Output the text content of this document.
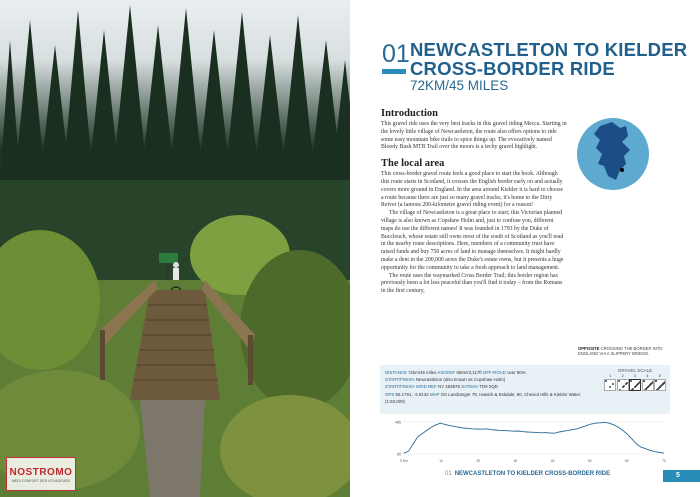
NOSTROMO
MEDI CONFORT DES VOYAGEURS
01 NEWCASTLETON TO KIELDER CROSS-BORDER RIDE
72KM/45 MILES
Introduction

This gravel ride uses the very best tracks in this gravel riding Mecca. Starting in the lovely little village of Newcastleton, the route also offers options to ride some easy mountain bike trails to spice things up. The evocatively named Bloody Bush MTB Trail over the moors is a techy gravel highlight.

The local area

This cross-border gravel route feels a good place to start the book. Although this route starts in Scotland, it crosses the English border early on and actually covers more ground in England. In the area around Kielder it is hard to choose a route because there are just so many gravel tracks; it's home to the Dirty Reiver (a famous 200-kilometre gravel riding event) for a reason!

The village of Newcastleton is a great place to start; this Victorian planned village is also known as Copshaw Holm and, just to confuse you, different maps do use the different names! It was founded in 1793 by the Duke of Buccleuch, whose estate still owns most of the south of Scotland as you'll read in the nearby route descriptions. Here, members of a community trust have raised funds and buy 750 acres of land to manage themselves. It might hardly make a dent in the 200,000 acres the Duke's estate owns, but it presents a huge opportunity for the community to take a fresh approach to land management.

The route uses the waymarked Cross Border Trail; this border region has previously been a lot less peaceful than you'll find it today – from the Romans in the first century,

OPPOSITE CROSSING THE BORDER INTO ENGLAND VIA A SLIPPERY BRIDGE.
DISTANCE 72km/45 miles ASCENT 950m/3,117ft OFF-ROAD over 90%
START/FINISH Newcastleton (also known as Copshaw Holm)
START/FINISH GRID REF NY 483875 SATNAV TD9 0QD
GPS 55.1791, -2.8134 MAP OS Landranger 79, Hawick & Eskdale; 80, Cheviot Hills & Kielder Water (1:50,000)
GRAVEL SCALE
1	2	3	4	5
485
85
0 Km	10	20	30	40	50	60	70
01 NEWCASTLETON TO KIELDER CROSS-BORDER RIDE	5
